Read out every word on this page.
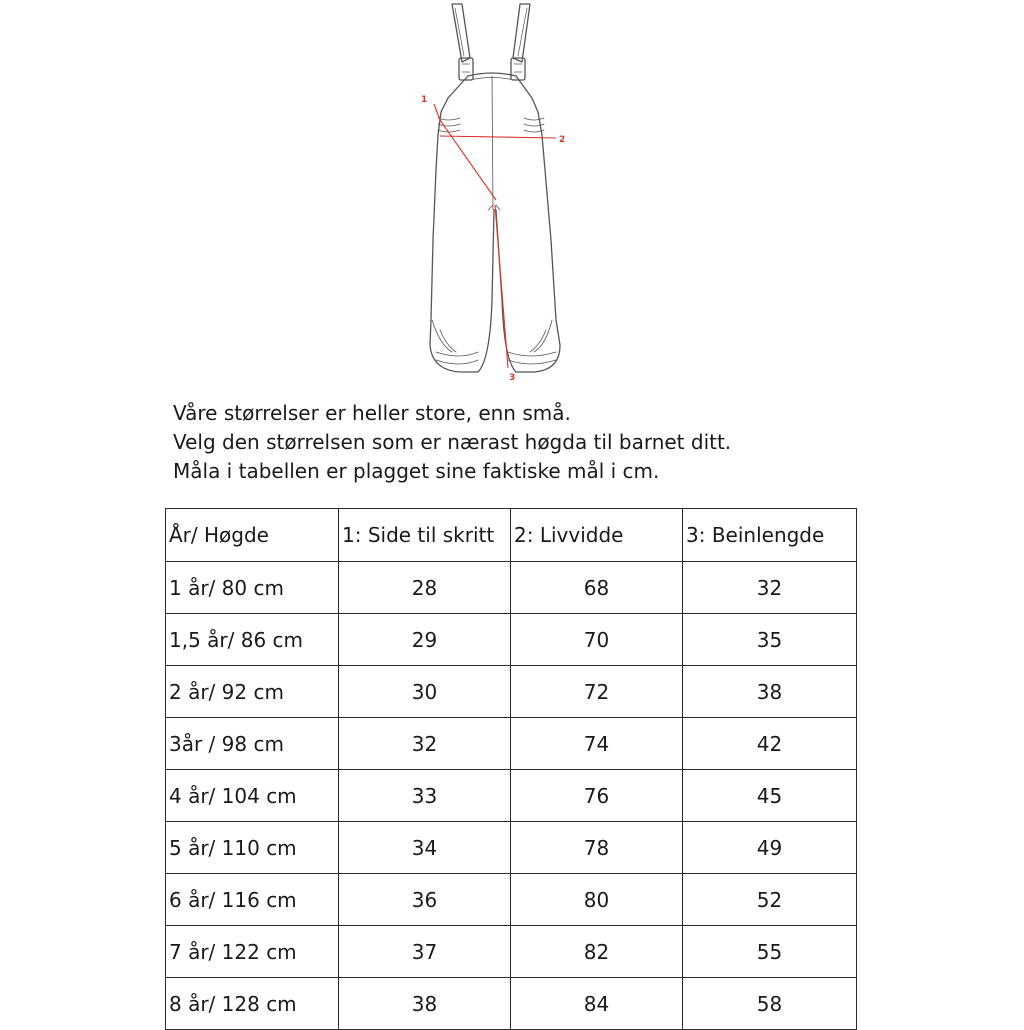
1
2
3
Våre størrelser er heller store, enn små.
Velg den størrelsen som er nærast høgda til barnet ditt.
Måla i tabellen er plagget sine faktiske mål i cm.
År/ Høgde	1: Side til skritt	2: Livvidde	3: Beinlengde
1 år/ 80 cm	28	68	32
1,5 år/ 86 cm	29	70	35
2 år/ 92 cm	30	72	38
3år / 98 cm	32	74	42
4 år/ 104 cm	33	76	45
5 år/ 110 cm	34	78	49
6 år/ 116 cm	36	80	52
7 år/ 122 cm	37	82	55
8 år/ 128 cm	38	84	58
